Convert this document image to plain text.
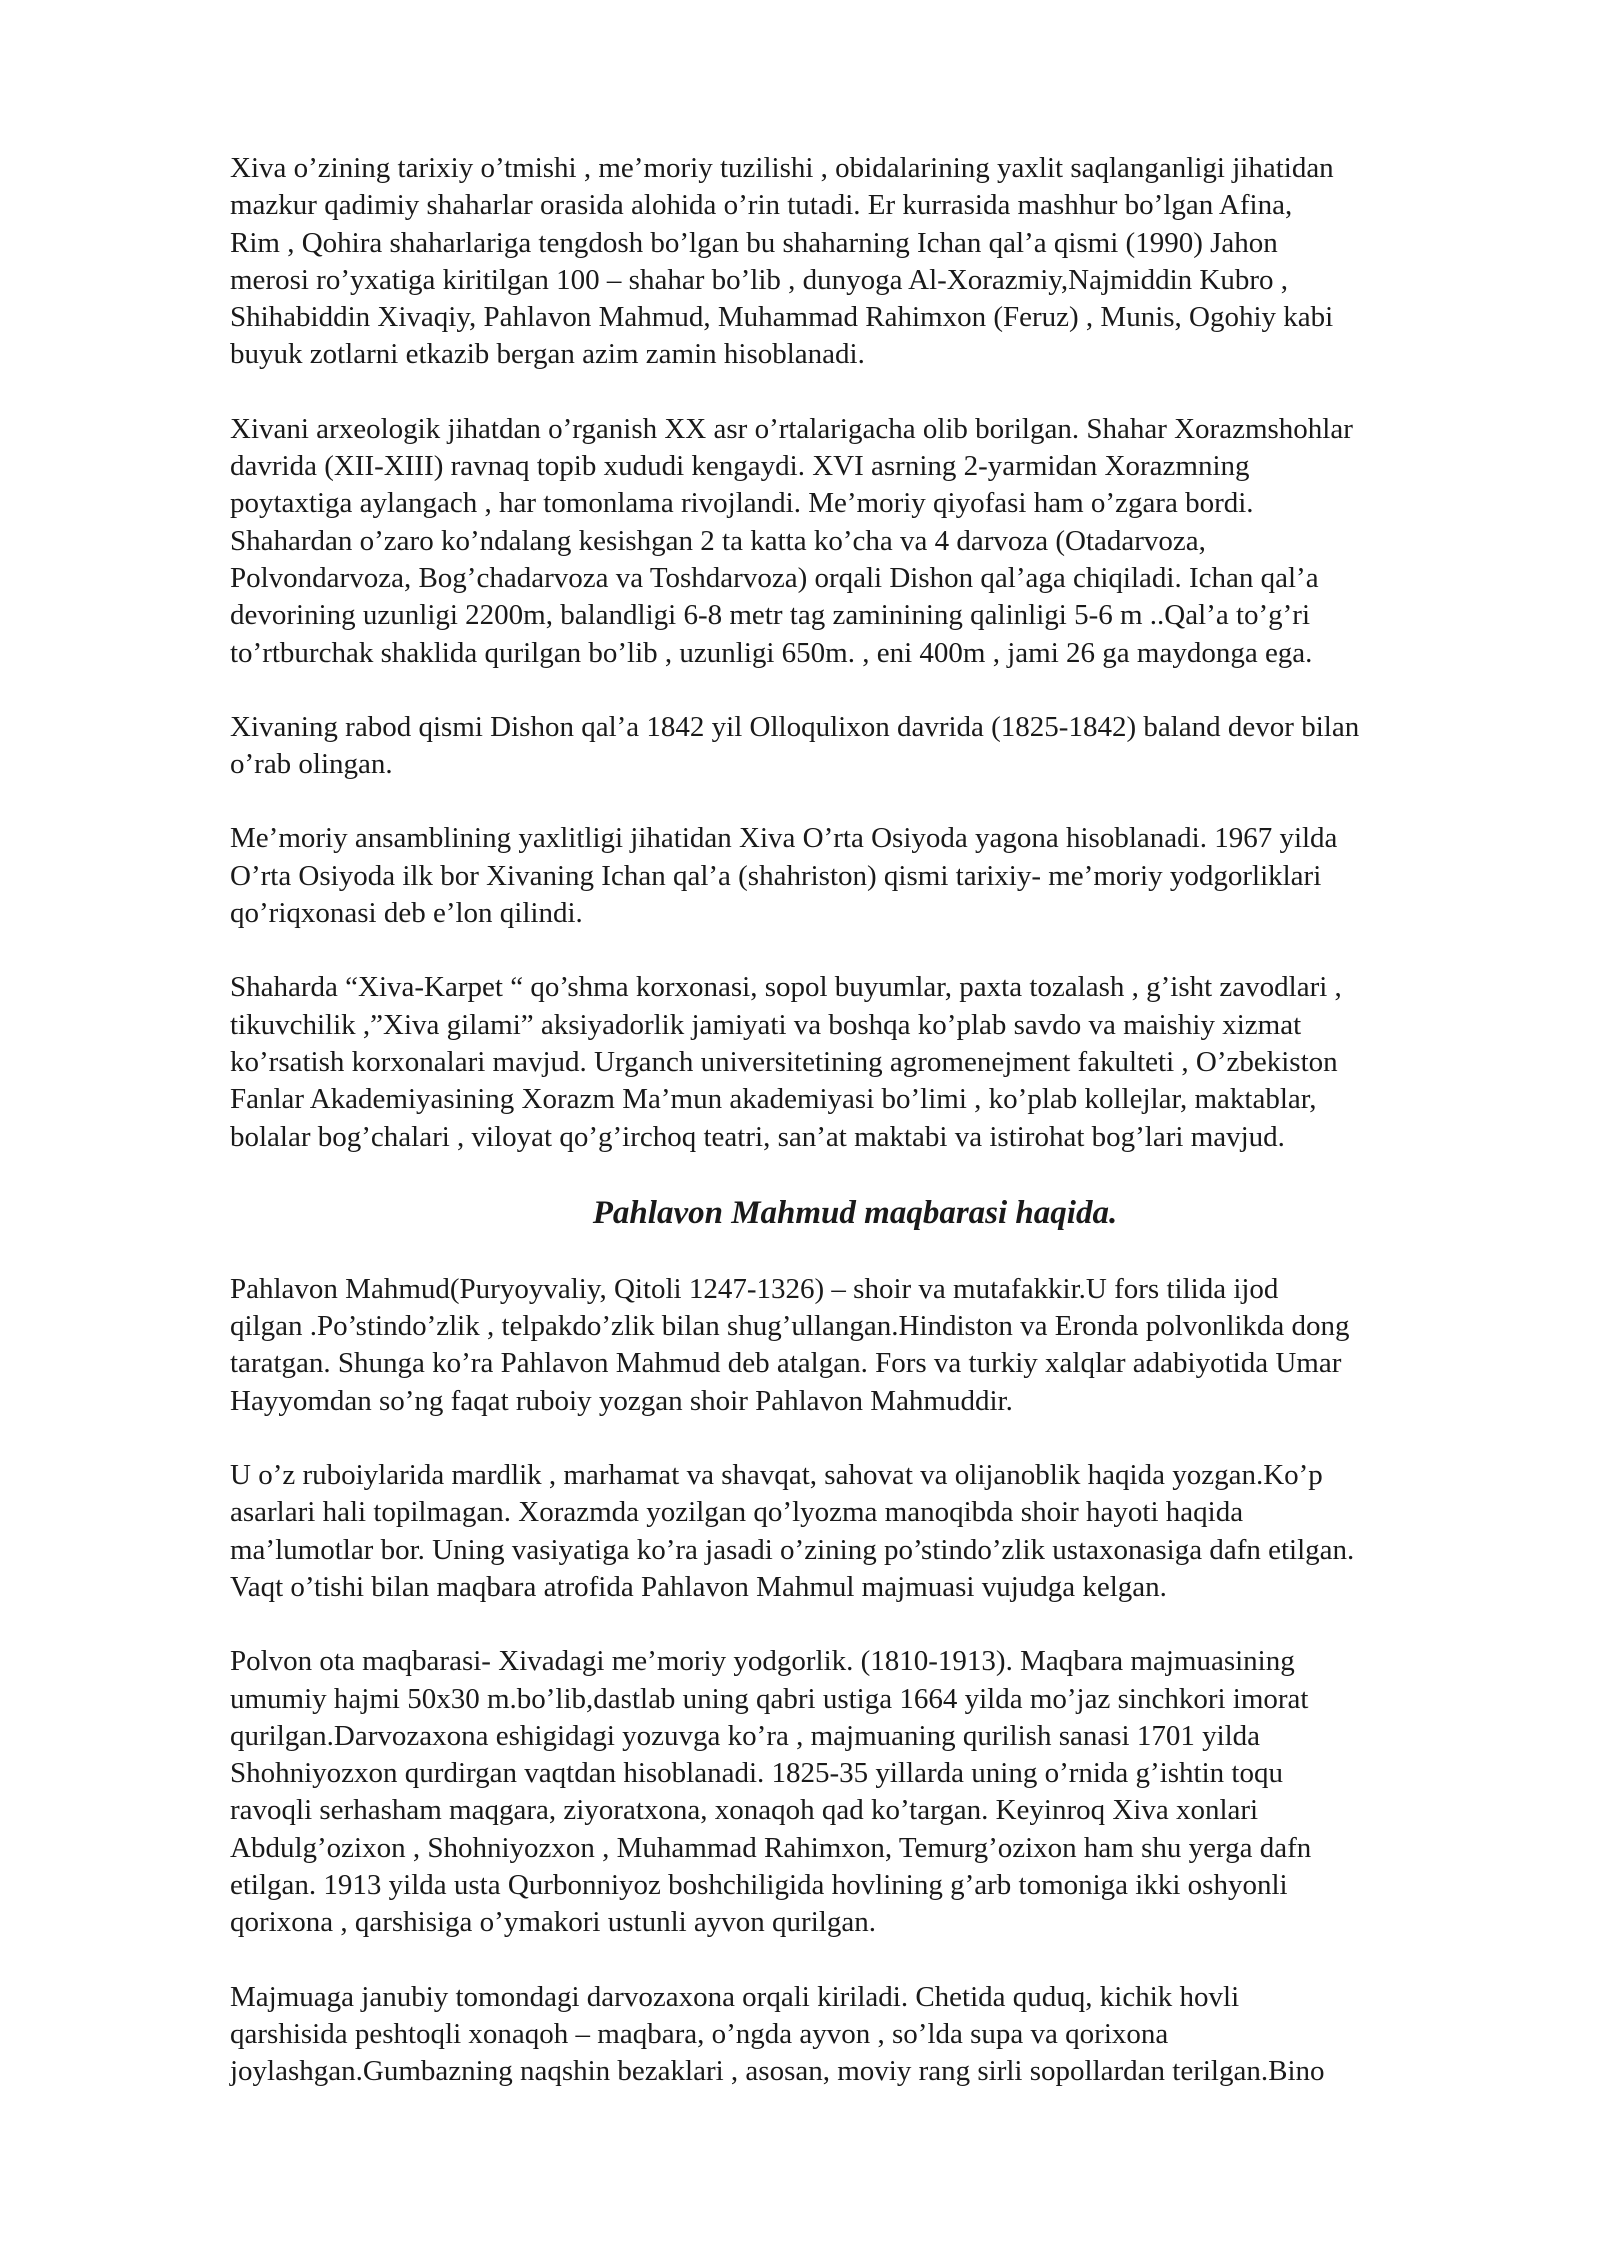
Xiva o’zining tarixiy o’tmishi , me’moriy tuzilishi , obidalarining yaxlit saqlanganligi jihatidan
mazkur qadimiy shaharlar orasida alohida o’rin tutadi. Er kurrasida mashhur bo’lgan Afina,
Rim , Qohira shaharlariga tengdosh bo’lgan bu shaharning Ichan qal’a qismi (1990) Jahon
merosi ro’yxatiga kiritilgan 100 – shahar bo’lib , dunyoga Al-Xorazmiy,Najmiddin Kubro ,
Shihabiddin Xivaqiy, Pahlavon Mahmud, Muhammad Rahimxon (Feruz) , Munis, Ogohiy kabi
buyuk zotlarni etkazib bergan azim zamin hisoblanadi.

Xivani arxeologik jihatdan o’rganish XX asr o’rtalarigacha olib borilgan. Shahar Xorazmshohlar
davrida (XII-XIII) ravnaq topib xududi kengaydi. XVI asrning 2-yarmidan Xorazmning
poytaxtiga aylangach , har tomonlama rivojlandi. Me’moriy qiyofasi ham o’zgara bordi.
Shahardan o’zaro ko’ndalang kesishgan 2 ta katta ko’cha va 4 darvoza (Otadarvoza,
Polvondarvoza, Bog’chadarvoza va Toshdarvoza) orqali Dishon qal’aga chiqiladi. Ichan qal’a
devorining uzunligi 2200m, balandligi 6-8 metr tag zaminining qalinligi 5-6 m ..Qal’a to’g’ri
to’rtburchak shaklida qurilgan bo’lib , uzunligi 650m. , eni 400m , jami 26 ga maydonga ega.

Xivaning rabod qismi Dishon qal’a 1842 yil Olloqulixon davrida (1825-1842) baland devor bilan
o’rab olingan.

Me’moriy ansamblining yaxlitligi jihatidan Xiva O’rta Osiyoda yagona hisoblanadi. 1967 yilda
O’rta Osiyoda ilk bor Xivaning Ichan qal’a (shahriston) qismi tarixiy- me’moriy yodgorliklari
qo’riqxonasi deb e’lon qilindi.

Shaharda “Xiva-Karpet “ qo’shma korxonasi, sopol buyumlar, paxta tozalash , g’isht zavodlari ,
tikuvchilik ,”Xiva gilami” aksiyadorlik jamiyati va boshqa ko’plab savdo va maishiy xizmat
ko’rsatish korxonalari mavjud. Urganch universitetining agromenejment fakulteti , O’zbekiston
Fanlar Akademiyasining Xorazm Ma’mun akademiyasi bo’limi , ko’plab kollejlar, maktablar,
bolalar bog’chalari , viloyat qo’g’irchoq teatri, san’at maktabi va istirohat bog’lari mavjud.

Pahlavon Mahmud maqbarasi haqida.

Pahlavon Mahmud(Puryoyvaliy, Qitoli 1247-1326) – shoir va mutafakkir.U fors tilida ijod
qilgan .Po’stindo’zlik , telpakdo’zlik bilan shug’ullangan.Hindiston va Eronda polvonlikda dong
taratgan. Shunga ko’ra Pahlavon Mahmud deb atalgan. Fors va turkiy xalqlar adabiyotida Umar
Hayyomdan so’ng faqat ruboiy yozgan shoir Pahlavon Mahmuddir.

U o’z ruboiylarida mardlik , marhamat va shavqat, sahovat va olijanoblik haqida yozgan.Ko’p
asarlari hali topilmagan. Xorazmda yozilgan qo’lyozma manoqibda shoir hayoti haqida
ma’lumotlar bor. Uning vasiyatiga ko’ra jasadi o’zining po’stindo’zlik ustaxonasiga dafn etilgan.
Vaqt o’tishi bilan maqbara atrofida Pahlavon Mahmul majmuasi vujudga kelgan.

Polvon ota maqbarasi- Xivadagi me’moriy yodgorlik. (1810-1913). Maqbara majmuasining
umumiy hajmi 50x30 m.bo’lib,dastlab uning qabri ustiga 1664 yilda mo’jaz sinchkori imorat
qurilgan.Darvozaxona eshigidagi yozuvga ko’ra , majmuaning qurilish sanasi 1701 yilda
Shohniyozxon qurdirgan vaqtdan hisoblanadi. 1825-35 yillarda uning o’rnida g’ishtin toqu
ravoqli serhasham maqgara, ziyoratxona, xonaqoh qad ko’targan. Keyinroq Xiva xonlari
Abdulg’ozixon , Shohniyozxon , Muhammad Rahimxon, Temurg’ozixon ham shu yerga dafn
etilgan. 1913 yilda usta Qurbonniyoz boshchiligida hovlining g’arb tomoniga ikki oshyonli
qorixona , qarshisiga o’ymakori ustunli ayvon qurilgan.

Majmuaga janubiy tomondagi darvozaxona orqali kiriladi. Chetida quduq, kichik hovli
qarshisida peshtoqli xonaqoh – maqbara, o’ngda ayvon , so’lda supa va qorixona
joylashgan.Gumbazning naqshin bezaklari , asosan, moviy rang sirli sopollardan terilgan.Bino
